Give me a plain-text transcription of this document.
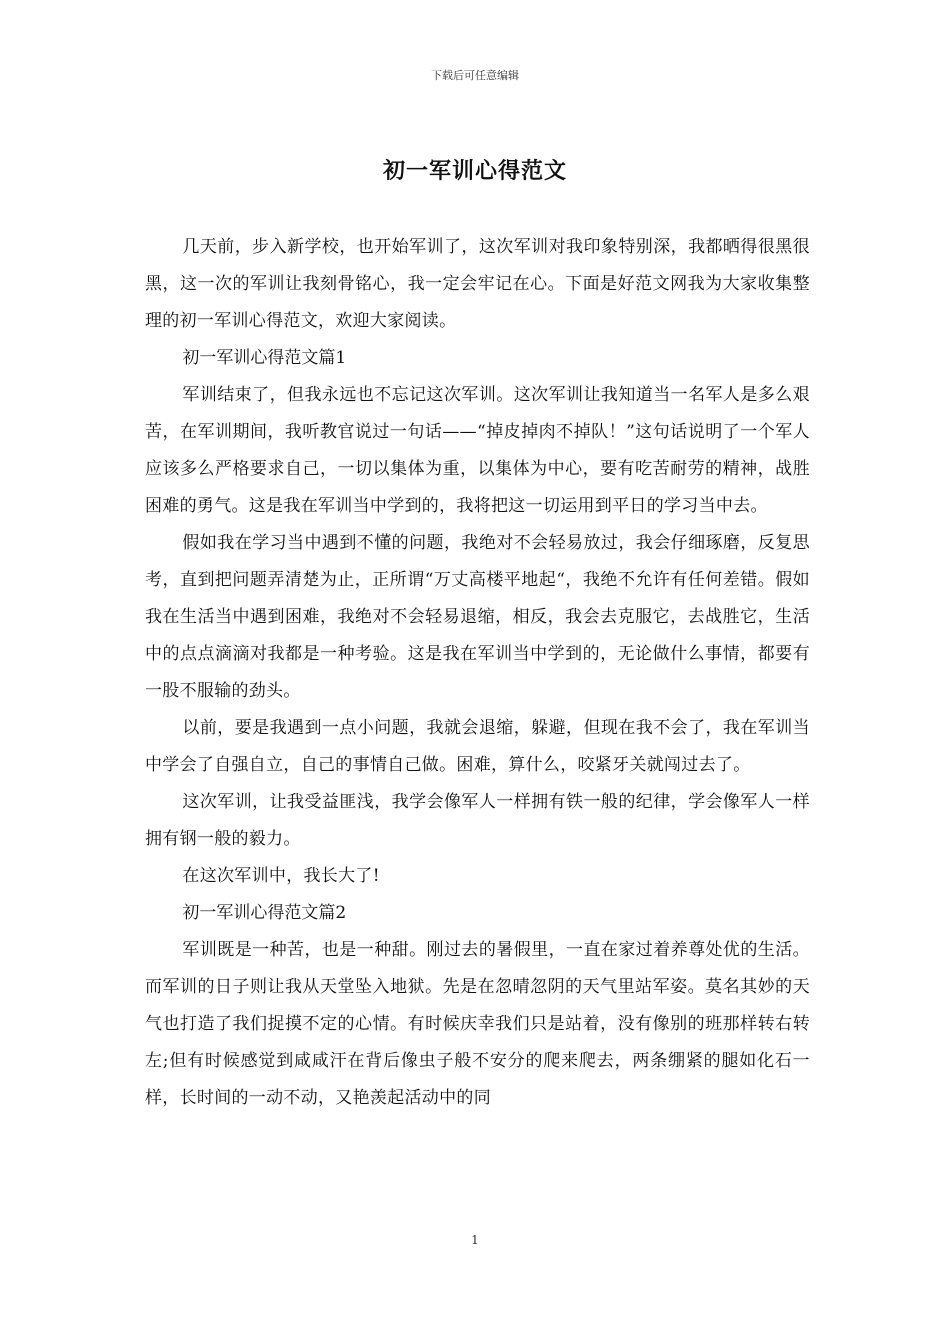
下载后可任意编辑
初一军训心得范文

几天前，步入新学校，也开始军训了，这次军训对我印象特别深，我都晒得很黑很黑，这一次的军训让我刻骨铭心，我一定会牢记在心。下面是好范文网我为大家收集整理的初一军训心得范文，欢迎大家阅读。

初一军训心得范文篇1

军训结束了，但我永远也不忘记这次军训。这次军训让我知道当一名军人是多么艰苦，在军训期间，我听教官说过一句话——“掉皮掉肉不掉队！”这句话说明了一个军人应该多么严格要求自己，一切以集体为重，以集体为中心，要有吃苦耐劳的精神，战胜困难的勇气。这是我在军训当中学到的，我将把这一切运用到平日的学习当中去。

假如我在学习当中遇到不懂的问题，我绝对不会轻易放过，我会仔细琢磨，反复思考，直到把问题弄清楚为止，正所谓“万丈高楼平地起“，我绝不允许有任何差错。假如我在生活当中遇到困难，我绝对不会轻易退缩，相反，我会去克服它，去战胜它，生活中的点点滴滴对我都是一种考验。这是我在军训当中学到的，无论做什么事情，都要有一股不服输的劲头。

以前，要是我遇到一点小问题，我就会退缩，躲避，但现在我不会了，我在军训当中学会了自强自立，自己的事情自己做。困难，算什么，咬紧牙关就闯过去了。

这次军训，让我受益匪浅，我学会像军人一样拥有铁一般的纪律，学会像军人一样拥有钢一般的毅力。

在这次军训中，我长大了!

初一军训心得范文篇2

军训既是一种苦，也是一种甜。刚过去的暑假里，一直在家过着养尊处优的生活。而军训的日子则让我从天堂坠入地狱。先是在忽晴忽阴的天气里站军姿。莫名其妙的天气也打造了我们捉摸不定的心情。有时候庆幸我们只是站着，没有像别的班那样转右转左;但有时候感觉到咸咸汗在背后像虫子般不安分的爬来爬去，两条绷紧的腿如化石一样，长时间的一动不动，又艳羡起活动中的同

1
